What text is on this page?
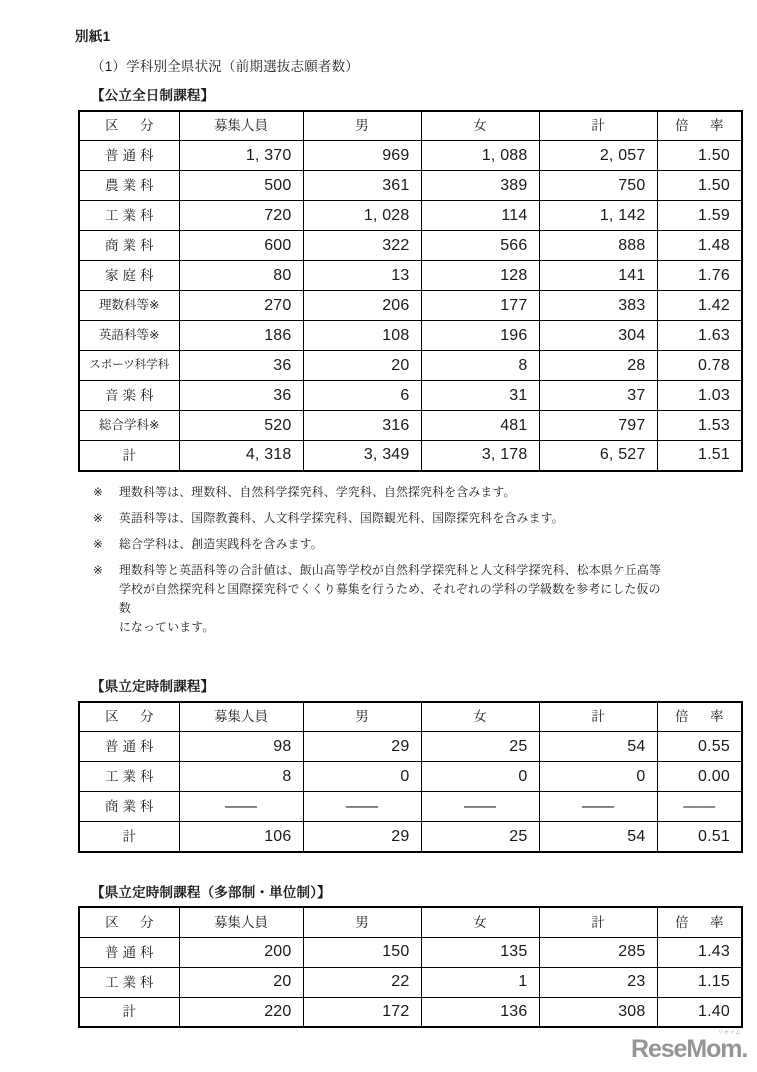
別紙1
（1）学科別全県状況（前期選抜志願者数）
【公立全日制課程】
区　分	募集人員	男	女	計	倍　率
普通科	1, 370	969	1, 088	2, 057	1.50
農業科	500	361	389	750	1.50
工業科	720	1, 028	114	1, 142	1.59
商業科	600	322	566	888	1.48
家庭科	80	13	128	141	1.76
理数科等※	270	206	177	383	1.42
英語科等※	186	108	196	304	1.63
スポーツ科学科	36	20	8	28	0.78
音楽科	36	6	31	37	1.03
総合学科※	520	316	481	797	1.53
計	4, 318	3, 349	3, 178	6, 527	1.51
※	理数科等は、理数科、自然科学探究科、学究科、自然探究科を含みます。
※	英語科等は、国際教養科、人文科学探究科、国際観光科、国際探究科を含みます。
※	総合学科は、創造実践科を含みます。
※	理数科等と英語科等の合計値は、飯山高等学校が自然科学探究科と人文科学探究科、松本県ケ丘高等
学校が自然探究科と国際探究科でくくり募集を行うため、それぞれの学科の学級数を参考にした仮の数
になっています。
【県立定時制課程】
区　分	募集人員	男	女	計	倍　率
普通科	98	29	25	54	0.55
工業科	8	0	0	0	0.00
商業科	——	——	——	——	——
計	106	29	25	54	0.51
【県立定時制課程（多部制・単位制）】
区　分	募集人員	男	女	計	倍　率
普通科	200	150	135	285	1.43
工業科	20	22	1	23	1.15
計	220	172	136	308	1.40
リセマム
ReseMom.
